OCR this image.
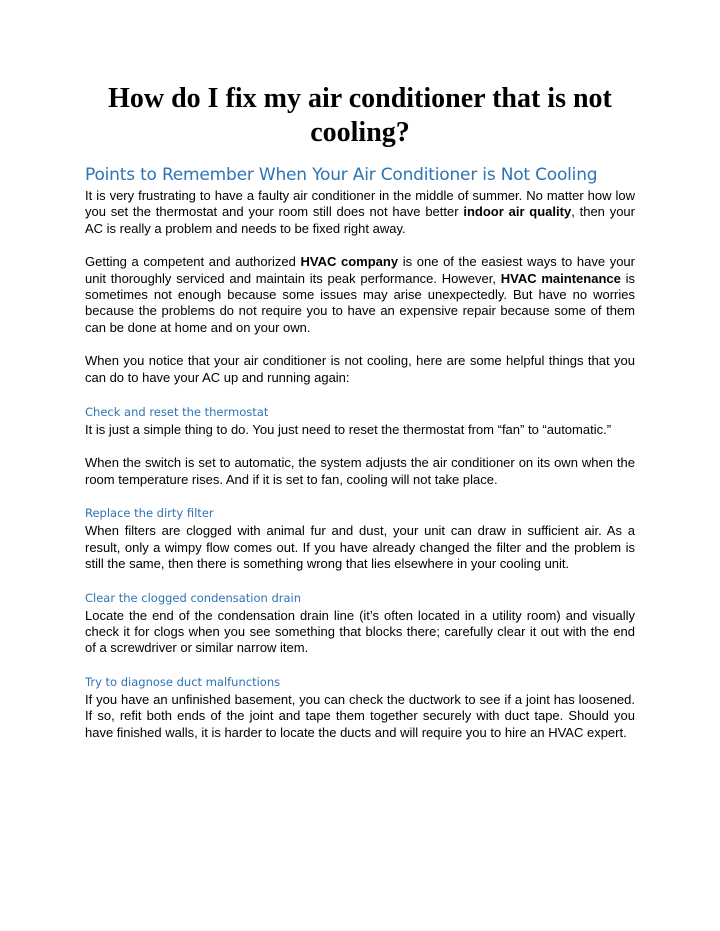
How do I fix my air conditioner that is not cooling?
Points to Remember When Your Air Conditioner is Not Cooling

It is very frustrating to have a faulty air conditioner in the middle of summer. No matter how low you set the thermostat and your room still does not have better indoor air quality, then your AC is really a problem and needs to be fixed right away.

Getting a competent and authorized HVAC company is one of the easiest ways to have your unit thoroughly serviced and maintain its peak performance. However, HVAC maintenance is sometimes not enough because some issues may arise unexpectedly. But have no worries because the problems do not require you to have an expensive repair because some of them can be done at home and on your own.

When you notice that your air conditioner is not cooling, here are some helpful things that you can do to have your AC up and running again:

Check and reset the thermostat

It is just a simple thing to do. You just need to reset the thermostat from “fan” to “automatic.”

When the switch is set to automatic, the system adjusts the air conditioner on its own when the room temperature rises. And if it is set to fan, cooling will not take place.

Replace the dirty filter

When filters are clogged with animal fur and dust, your unit can draw in sufficient air. As a result, only a wimpy flow comes out. If you have already changed the filter and the problem is still the same, then there is something wrong that lies elsewhere in your cooling unit.

Clear the clogged condensation drain

Locate the end of the condensation drain line (it’s often located in a utility room) and visually check it for clogs when you see something that blocks there; carefully clear it out with the end of a screwdriver or similar narrow item.

Try to diagnose duct malfunctions

If you have an unfinished basement, you can check the ductwork to see if a joint has loosened. If so, refit both ends of the joint and tape them together securely with duct tape. Should you have finished walls, it is harder to locate the ducts and will require you to hire an HVAC expert.
